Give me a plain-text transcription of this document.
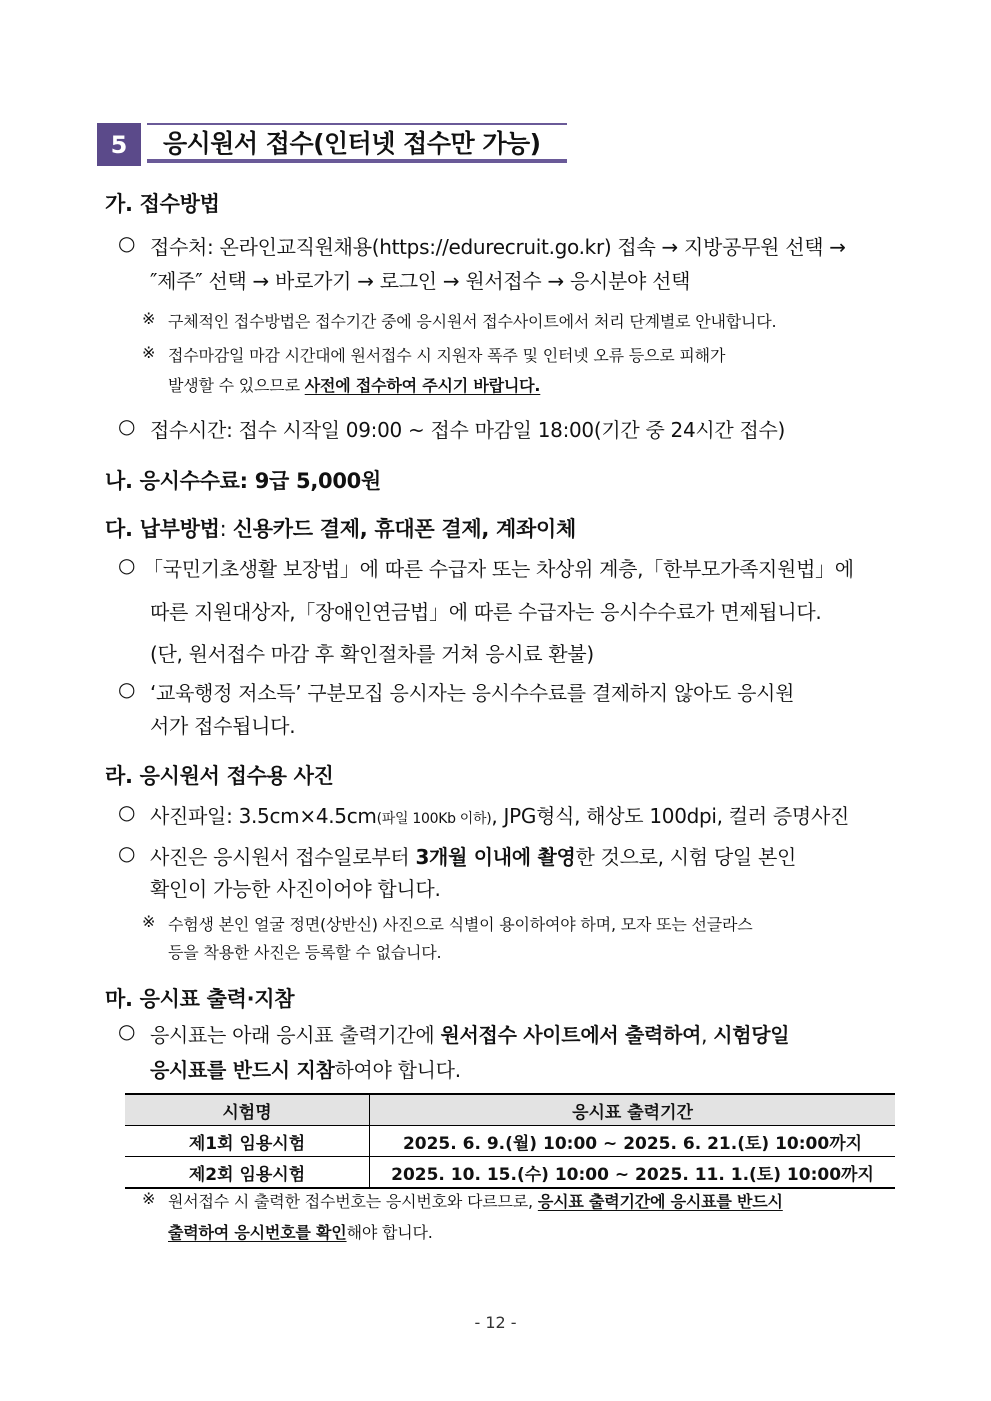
5	응시원서 접수(인터넷 접수만 가능)
가. 접수방법
○ 접수처: 온라인교직원채용(https://edurecruit.go.kr) 접속 → 지방공무원 선택 →
″제주″ 선택 → 바로가기 → 로그인 → 원서접수 → 응시분야 선택
※ 구체적인 접수방법은 접수기간 중에 응시원서 접수사이트에서 처리 단계별로 안내합니다.
※ 접수마감일 마감 시간대에 원서접수 시 지원자 폭주 및 인터넷 오류 등으로 피해가
발생할 수 있으므로 사전에 접수하여 주시기 바랍니다.
○ 접수시간: 접수 시작일 09:00 ~ 접수 마감일 18:00(기간 중 24시간 접수)
나. 응시수수료: 9급 5,000원
다. 납부방법: 신용카드 결제, 휴대폰 결제, 계좌이체
○ 「국민기초생활 보장법」에 따른 수급자 또는 차상위 계층,「한부모가족지원법」에
따른 지원대상자,「장애인연금법」에 따른 수급자는 응시수수료가 면제됩니다.
(단, 원서접수 마감 후 확인절차를 거쳐 응시료 환불)
○ ‘교육행정 저소득’ 구분모집 응시자는 응시수수료를 결제하지 않아도 응시원
서가 접수됩니다.
라. 응시원서 접수용 사진
○ 사진파일: 3.5cm×4.5cm(파일 100Kb 이하), JPG형식, 해상도 100dpi, 컬러 증명사진
○ 사진은 응시원서 접수일로부터 3개월 이내에 촬영한 것으로, 시험 당일 본인
확인이 가능한 사진이어야 합니다.
※ 수험생 본인 얼굴 정면(상반신) 사진으로 식별이 용이하여야 하며, 모자 또는 선글라스
등을 착용한 사진은 등록할 수 없습니다.
마. 응시표 출력·지참
○ 응시표는 아래 응시표 출력기간에 원서접수 사이트에서 출력하여, 시험당일
응시표를 반드시 지참하여야 합니다.
시험명	응시표 출력기간
제1회 임용시험	2025. 6. 9.(월) 10:00 ~ 2025. 6. 21.(토) 10:00까지
제2회 임용시험	2025. 10. 15.(수) 10:00 ~ 2025. 11. 1.(토) 10:00까지
※ 원서접수 시 출력한 접수번호는 응시번호와 다르므로, 응시표 출력기간에 응시표를 반드시
출력하여 응시번호를 확인해야 합니다.
- 12 -
